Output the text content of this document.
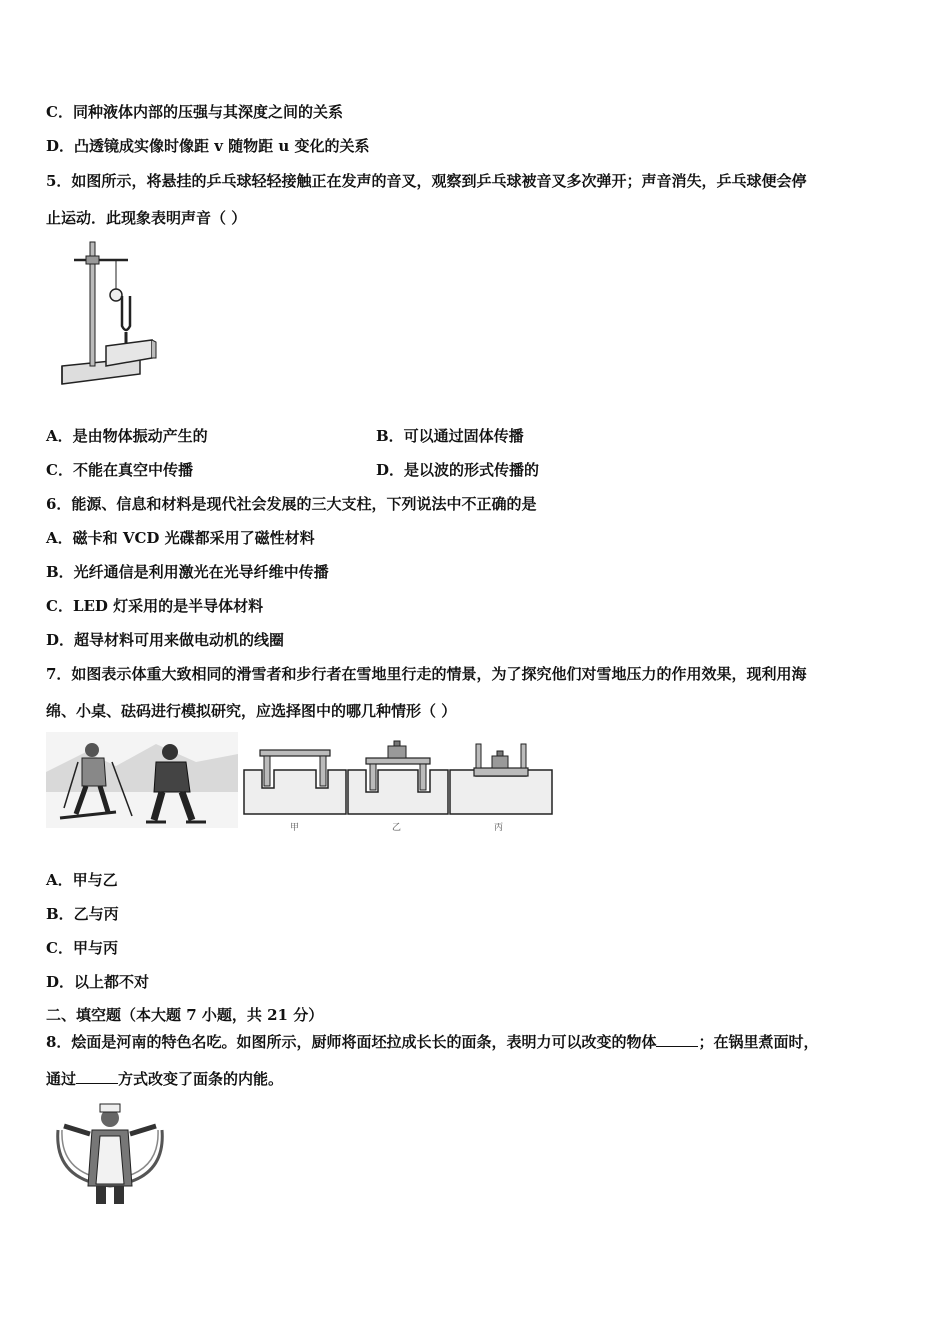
C．同种液体内部的压强与其深度之间的关系
D．凸透镜成实像时像距 v 随物距 u 变化的关系
5．如图所示，将悬挂的乒乓球轻轻接触正在发声的音叉，观察到乒乓球被音叉多次弹开；声音消失，乒乓球便会停
止运动．此现象表明声音（ ）
A．是由物体振动产生的	B．可以通过固体传播
C．不能在真空中传播	D．是以波的形式传播的
6．能源、信息和材料是现代社会发展的三大支柱，下列说法中不正确的是
A．磁卡和 VCD 光碟都采用了磁性材料
B．光纤通信是利用激光在光导纤维中传播
C．LED 灯采用的是半导体材料
D．超导材料可用来做电动机的线圈
7．如图表示体重大致相同的滑雪者和步行者在雪地里行走的情景，为了探究他们对雪地压力的作用效果，现利用海
绵、小桌、砝码进行模拟研究，应选择图中的哪几种情形（ ）
甲	乙	丙
A．甲与乙
B．乙与丙
C．甲与丙
D．以上都不对
二、填空题（本大题 7 小题，共 21 分）
8．烩面是河南的特色名吃。如图所示，厨师将面坯拉成长长的面条，表明力可以改变的物体	；在锅里煮面时，
通过	方式改变了面条的内能。
